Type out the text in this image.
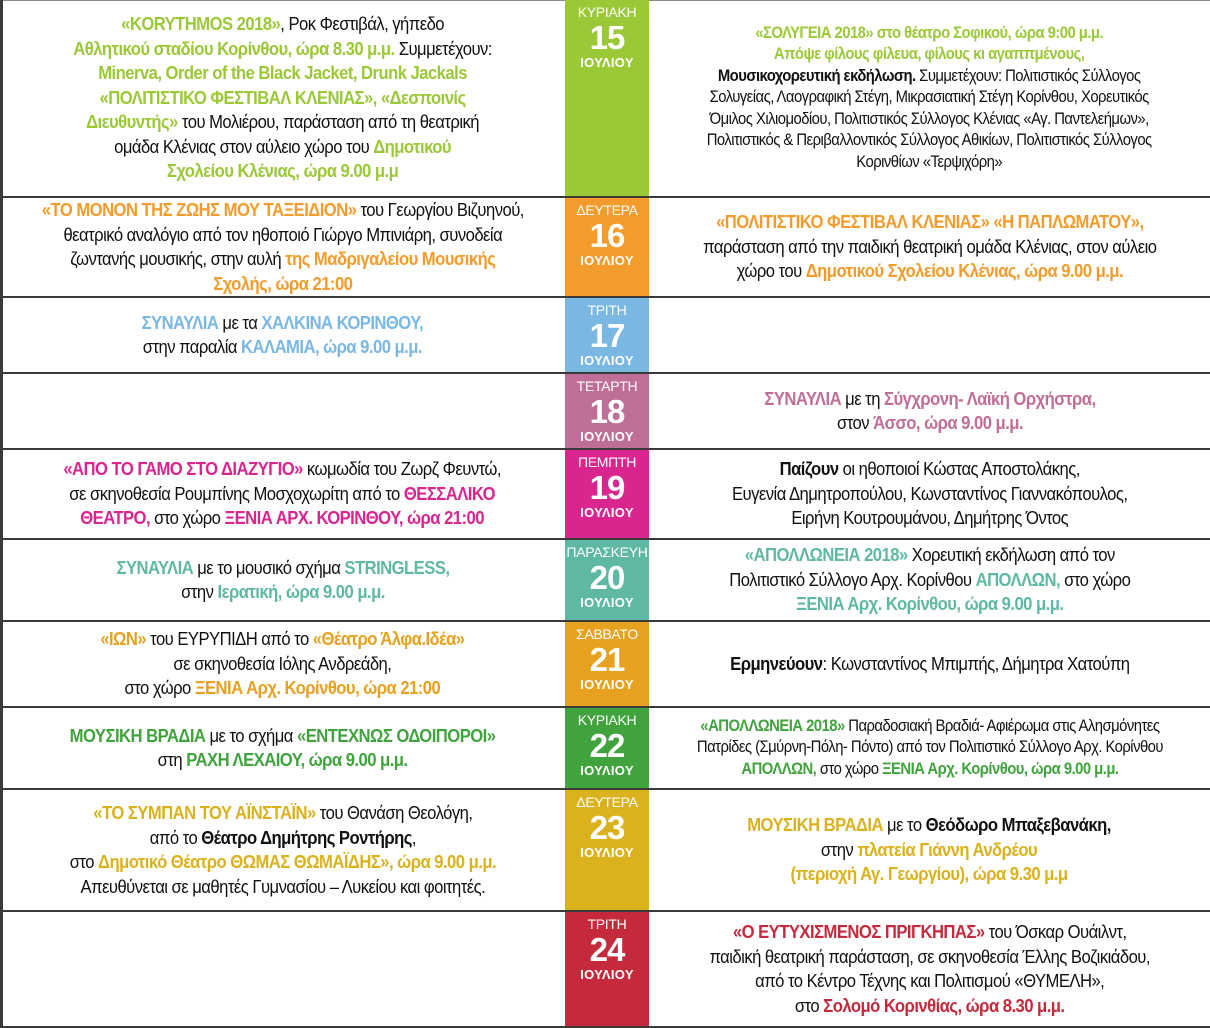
«KORYTHMOS 2018», Ροκ Φεστιβάλ, γήπεδο

Αθλητικού σταδίου Κορίνθου, ώρα 8.30 μ.μ. Συμμετέχουν:

Minerva, Order of the Black Jacket, Drunk Jackals

«ΠΟΛΙΤΙΣΤΙΚΟ ΦΕΣΤΙΒΑΛ ΚΛΕΝΙΑΣ», «Δεσποινίς

Διευθυντής» του Μολιέρου, παράσταση από τη θεατρική

ομάδα Κλένιας στον αύλειο χώρο του Δημοτικού

Σχολείου Κλένιας, ώρα 9.00 μ.μ

ΚΥΡΙΑΚΗ
15
ΙΟΥΛΙΟΥ

«ΣΟΛΥΓΕΙΑ 2018» στο θέατρο Σοφικού, ώρα 9:00 μ.μ.

Απόψε φίλους φίλευα, φίλους κι αγαππμένους,

Μουσικοχορευτική εκδήλωση. Συμμετέχουν: Πολιτιστικός Σύλλογος

Σολυγείας, Λαογραφική Στέγη, Μικρασιατική Στέγη Κορίνθου, Χορευτικός

Όμιλος Χιλιομοδίου, Πολιτιστικός Σύλλογος Κλένιας «Αγ. Παντελεήμων»,

Πολιτιστικός & Περιβαλλοντικός Σύλλογος Αθικίων, Πολιτιστικός Σύλλογος

Κορινθίων «Τερψιχόρη»

«ΤΟ ΜΟΝΟΝ ΤΗΣ ΖΩΗΣ ΜΟΥ ΤΑΞΕΙΔΙΟΝ» του Γεωργίου Βιζυηνού,

θεατρικό αναλόγιο από τον ηθοποιό Γιώργο Μπινιάρη, συνοδεία

ζωντανής μουσικής, στην αυλή της Μαδριγαλείου Μουσικής

Σχολής, ώρα 21:00

ΔΕΥΤΕΡΑ
16
ΙΟΥΛΙΟΥ

«ΠΟΛΙΤΙΣΤΙΚΟ ΦΕΣΤΙΒΑΛ ΚΛΕΝΙΑΣ» «Η ΠΑΠΛΩΜΑΤΟΥ»,

παράσταση από την παιδική θεατρική ομάδα Κλένιας, στον αύλειο

χώρο του Δημοτικού Σχολείου Κλένιας, ώρα 9.00 μ.μ.

ΣΥΝΑΥΛΙΑ με τα ΧΑΛΚΙΝΑ ΚΟΡΙΝΘΟΥ,

στην παραλία ΚΑΛΑΜΙΑ, ώρα 9.00 μ.μ.

ΤΡΙΤΗ
17
ΙΟΥΛΙΟΥ
ΤΕΤΑΡΤΗ
18
ΙΟΥΛΙΟΥ

ΣΥΝΑΥΛΙΑ με τη Σύγχρονη- Λαϊκή Ορχήστρα,

στον Άσσο, ώρα 9.00 μ.μ.

«ΑΠΟ ΤΟ ΓΑΜΟ ΣΤΟ ΔΙΑΖΥΓΙΟ» κωμωδία του Ζωρζ Φευντώ,

σε σκηνοθεσία Ρουμπίνης Μοσχοχωρίτη από το ΘΕΣΣΑΛΙΚΟ

ΘΕΑΤΡΟ, στο χώρο ΞΕΝΙΑ ΑΡΧ. ΚΟΡΙΝΘΟΥ, ώρα 21:00

ΠΕΜΠΤΗ
19
ΙΟΥΛΙΟΥ

Παίζουν οι ηθοποιοί Κώστας Αποστολάκης,

Ευγενία Δημητροπούλου, Κωνσταντίνος Γιαννακόπουλος,

Ειρήνη Κουτρουμάνου, Δημήτρης Όντος

ΣΥΝΑΥΛΙΑ με το μουσικό σχήμα STRINGLESS,

στην Ιερατική, ώρα 9.00 μ.μ.

ΠΑΡΑΣΚΕΥΗ
20
ΙΟΥΛΙΟΥ

«ΑΠΟΛΛΩΝΕΙΑ 2018» Χορευτική εκδήλωση από τον

Πολιτιστικό Σύλλογο Αρχ. Κορίνθου ΑΠΟΛΛΩΝ, στο χώρο

ΞΕΝΙΑ Αρχ. Κορίνθου, ώρα 9.00 μ.μ.

«ΙΩΝ» του ΕΥΡΥΠΙΔΗ από το «Θέατρο Άλφα.Ιδέα»

σε σκηνοθεσία Ιόλης Ανδρεάδη,

στο χώρο ΞΕΝΙΑ Αρχ. Κορίνθου, ώρα 21:00

ΣΑΒΒΑΤΟ
21
ΙΟΥΛΙΟΥ

Ερμηνεύουν: Κωνσταντίνος Μπιμπής, Δήμητρα Χατούπη

ΜΟΥΣΙΚΗ ΒΡΑΔΙΑ με το σχήμα «ΕΝΤΕΧΝΩΣ ΟΔΟΙΠΟΡΟΙ»

στη ΡΑΧΗ ΛΕΧΑΙΟΥ, ώρα 9.00 μ.μ.

ΚΥΡΙΑΚΗ
22
ΙΟΥΛΙΟΥ

«ΑΠΟΛΛΩΝΕΙΑ 2018» Παραδοσιακή Βραδιά- Αφιέρωμα στις Αλησμόνητες

Πατρίδες (Σμύρνη-Πόλη- Πόντο) από τον Πολιτιστικό Σύλλογο Αρχ. Κορίνθου

ΑΠΟΛΛΩΝ, στο χώρο ΞΕΝΙΑ Αρχ. Κορίνθου, ώρα 9.00 μ.μ.

«ΤΟ ΣΥΜΠΑΝ ΤΟΥ ΑΪΝΣΤΑΪΝ» του Θανάση Θεολόγη,

από το Θέατρο Δημήτρης Ροντήρης,

στο Δημοτικό Θέατρο ΘΩΜΑΣ ΘΩΜΑΪΔΗΣ», ώρα 9.00 μ.μ.

Απευθύνεται σε μαθητές Γυμνασίου – Λυκείου και φοιτητές.

ΔΕΥΤΕΡΑ
23
ΙΟΥΛΙΟΥ

ΜΟΥΣΙΚΗ ΒΡΑΔΙΑ με το Θεόδωρο Μπαξεβανάκη,

στην πλατεία Γιάννη Ανδρέου

(περιοχή Αγ. Γεωργίου), ώρα 9.30 μ.μ

ΤΡΙΤΗ
24
ΙΟΥΛΙΟΥ

«Ο ΕΥΤΥΧΙΣΜΕΝΟΣ ΠΡΙΓΚΗΠΑΣ» του Όσκαρ Ουάιλντ,

παιδική θεατρική παράσταση, σε σκηνοθεσία Έλλης Βοζικιάδου,

από το Κέντρο Τέχνης και Πολιτισμού «ΘΥΜΕΛΗ»,

στο Σολομό Κορινθίας, ώρα 8.30 μ.μ.
